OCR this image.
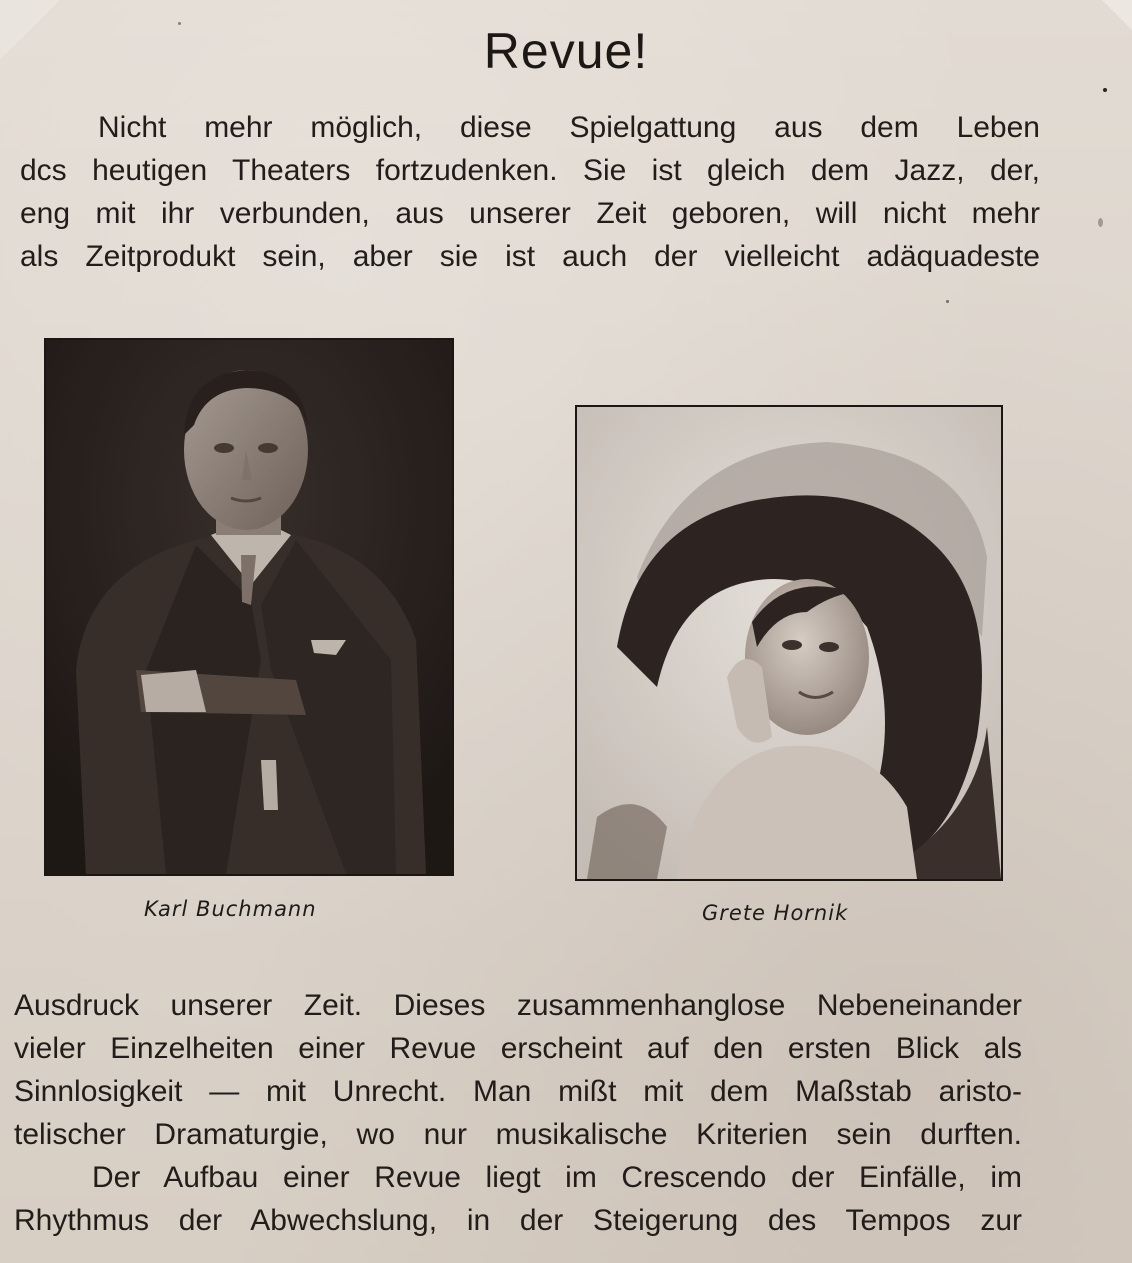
Revue!

Nicht mehr möglich, diese Spielgattung aus dem Leben
dcs heutigen Theaters fortzudenken. Sie ist gleich dem Jazz, der,
eng mit ihr verbunden, aus unserer Zeit geboren, will nicht mehr
als Zeitprodukt sein, aber sie ist auch der vielleicht adäquadeste

Karl Buchmann	Grete Hornik

Ausdruck unserer Zeit. Dieses zusammenhanglose Nebeneinander
vieler Einzelheiten einer Revue erscheint auf den ersten Blick als
Sinnlosigkeit — mit Unrecht. Man mißt mit dem Maßstab aristo-
telischer Dramaturgie, wo nur musikalische Kriterien sein durften.

Der Aufbau einer Revue liegt im Crescendo der Einfälle, im
Rhythmus der Abwechslung, in der Steigerung des Tempos zur
